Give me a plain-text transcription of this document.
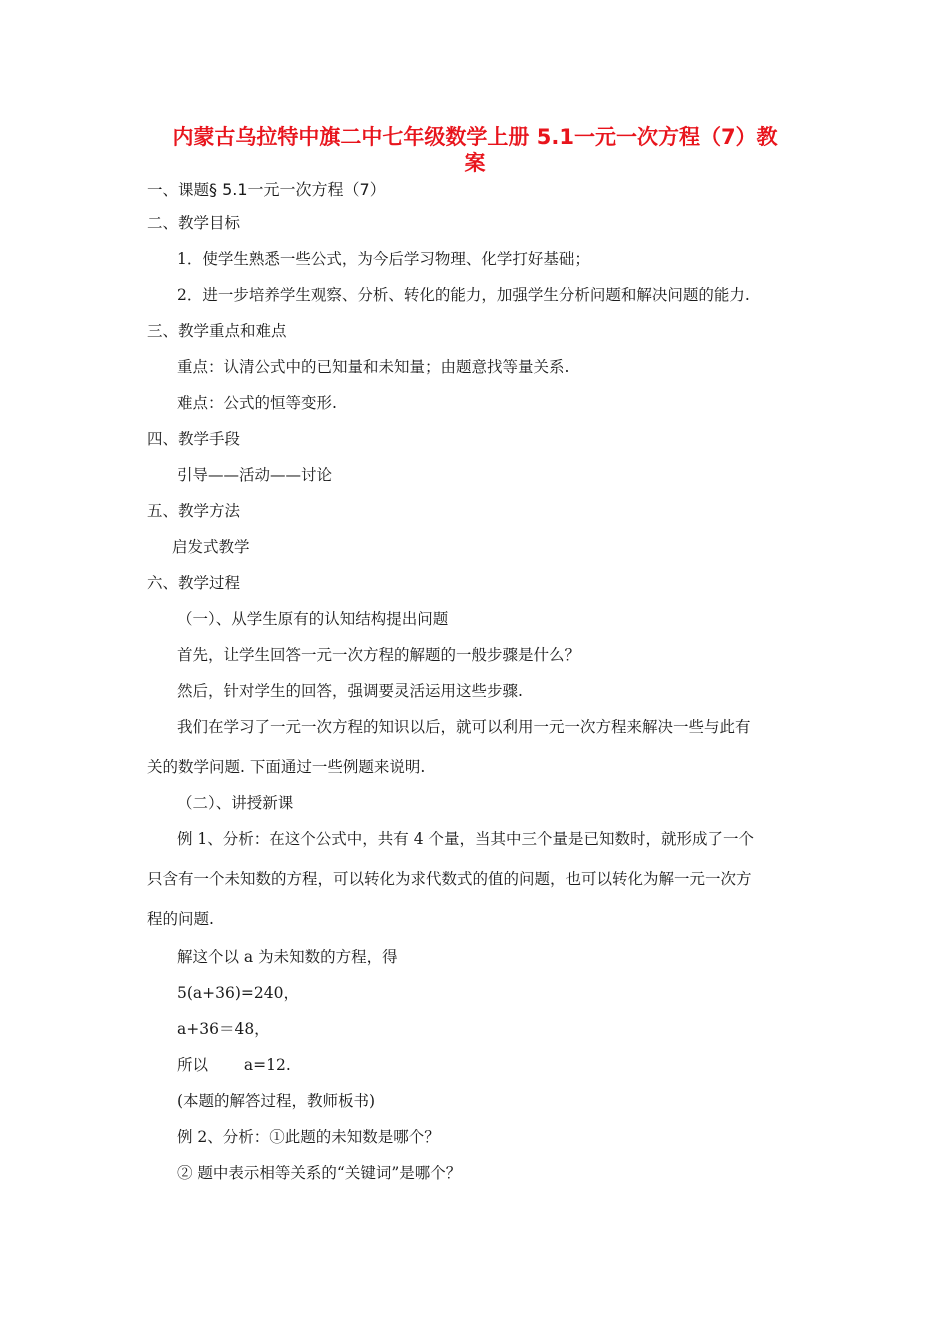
内蒙古乌拉特中旗二中七年级数学上册 5.1一元一次方程（7）教
案
一、课题§ 5.1一元一次方程（7）
二、教学目标
1．使学生熟悉一些公式，为今后学习物理、化学打好基础；
2．进一步培养学生观察、分析、转化的能力，加强学生分析问题和解决问题的能力.
三、教学重点和难点
重点：认清公式中的已知量和未知量；由题意找等量关系.
难点：公式的恒等变形.
四、教学手段
引导——活动——讨论
五、教学方法
启发式教学
六、教学过程
（一）、从学生原有的认知结构提出问题
首先，让学生回答一元一次方程的解题的一般步骤是什么？
然后，针对学生的回答，强调要灵活运用这些步骤.
我们在学习了一元一次方程的知识以后，就可以利用一元一次方程来解决一些与此有
关的数学问题. 下面通过一些例题来说明.
（二）、讲授新课
例 1、分析：在这个公式中，共有 4 个量，当其中三个量是已知数时，就形成了一个
只含有一个未知数的方程，可以转化为求代数式的值的问题，也可以转化为解一元一次方
程的问题.
解这个以 a 为未知数的方程，得
5(a+36)=240，
a+36＝48，
所以　　 a=12.
(本题的解答过程，教师板书)
例 2、分析：①此题的未知数是哪个？
② 题中表示相等关系的“关键词”是哪个？
